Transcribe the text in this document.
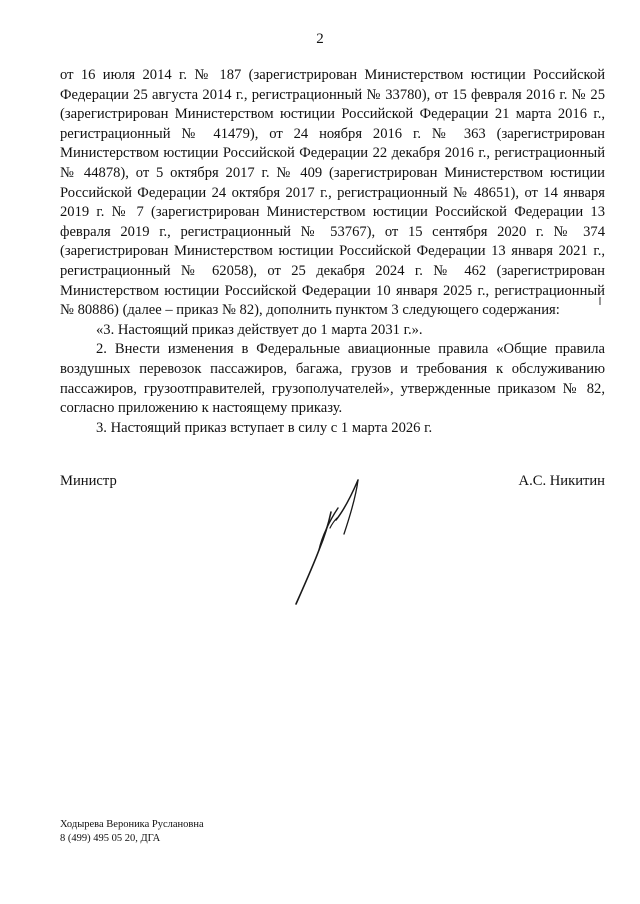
2

от 16 июля 2014 г. № 187 (зарегистрирован Министерством юстиции Российской Федерации 25 августа 2014 г., регистрационный № 33780), от 15 февраля 2016 г. № 25 (зарегистрирован Министерством юстиции Российской Федерации 21 марта 2016 г., регистрационный № 41479), от 24 ноября 2016 г. № 363 (зарегистрирован Министерством юстиции Российской Федерации 22 декабря 2016 г., регистрационный № 44878), от 5 октября 2017 г. № 409 (зарегистрирован Министерством юстиции Российской Федерации 24 октября 2017 г., регистрационный № 48651), от 14 января 2019 г. № 7 (зарегистрирован Министерством юстиции Российской Федерации 13 февраля 2019 г., регистрационный № 53767), от 15 сентября 2020 г. № 374 (зарегистрирован Министерством юстиции Российской Федерации 13 января 2021 г., регистрационный № 62058), от 25 декабря 2024 г. № 462 (зарегистрирован Министерством юстиции Российской Федерации 10 января 2025 г., регистрационный № 80886) (далее – приказ № 82), дополнить пунктом 3 следующего содержания:

«3. Настоящий приказ действует до 1 марта 2031 г.».

2. Внести изменения в Федеральные авиационные правила «Общие правила воздушных перевозок пассажиров, багажа, грузов и требования к обслуживанию пассажиров, грузоотправителей, грузополучателей», утвержденные приказом № 82, согласно приложению к настоящему приказу.

3. Настоящий приказ вступает в силу с 1 марта 2026 г.

Министр	А.С. Никитин
Ходырева Вероника Руслановна
8 (499) 495 05 20, ДГА
